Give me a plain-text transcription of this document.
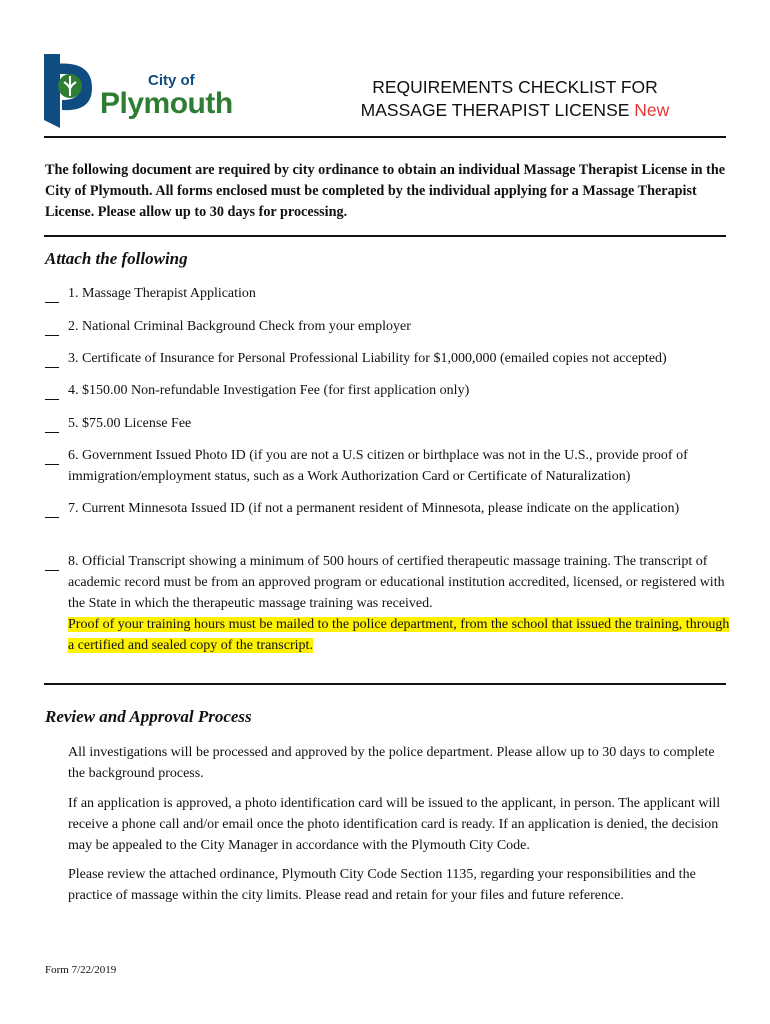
City of
Plymouth	REQUIREMENTS CHECKLIST FOR
MASSAGE THERAPIST LICENSE New
The following document are required by city ordinance to obtain an individual Massage Therapist License in the City of Plymouth. All forms enclosed must be completed by the individual applying for a Massage Therapist License. Please allow up to 30 days for processing.
Attach the following
1. Massage Therapist Application
2. National Criminal Background Check from your employer
3. Certificate of Insurance for Personal Professional Liability for $1,000,000 (emailed copies not accepted)
4. $150.00 Non-refundable Investigation Fee (for first application only)
5. $75.00 License Fee
6. Government Issued Photo ID (if you are not a U.S citizen or birthplace was not in the U.S., provide proof of immigration/employment status, such as a Work Authorization Card or Certificate of Naturalization)
7. Current Minnesota Issued ID (if not a permanent resident of Minnesota, please indicate on the application)
8. Official Transcript showing a minimum of 500 hours of certified therapeutic massage training. The transcript of academic record must be from an approved program or educational institution accredited, licensed, or registered with the State in which the therapeutic massage training was received.
Proof of your training hours must be mailed to the police department, from the school that issued the training, through a certified and sealed copy of the transcript.
Review and Approval Process
All investigations will be processed and approved by the police department. Please allow up to 30 days to complete the background process.
If an application is approved, a photo identification card will be issued to the applicant, in person. The applicant will receive a phone call and/or email once the photo identification card is ready. If an application is denied, the decision may be appealed to the City Manager in accordance with the Plymouth City Code.
Please review the attached ordinance, Plymouth City Code Section 1135, regarding your responsibilities and the practice of massage within the city limits. Please read and retain for your files and future reference.
Form 7/22/2019
